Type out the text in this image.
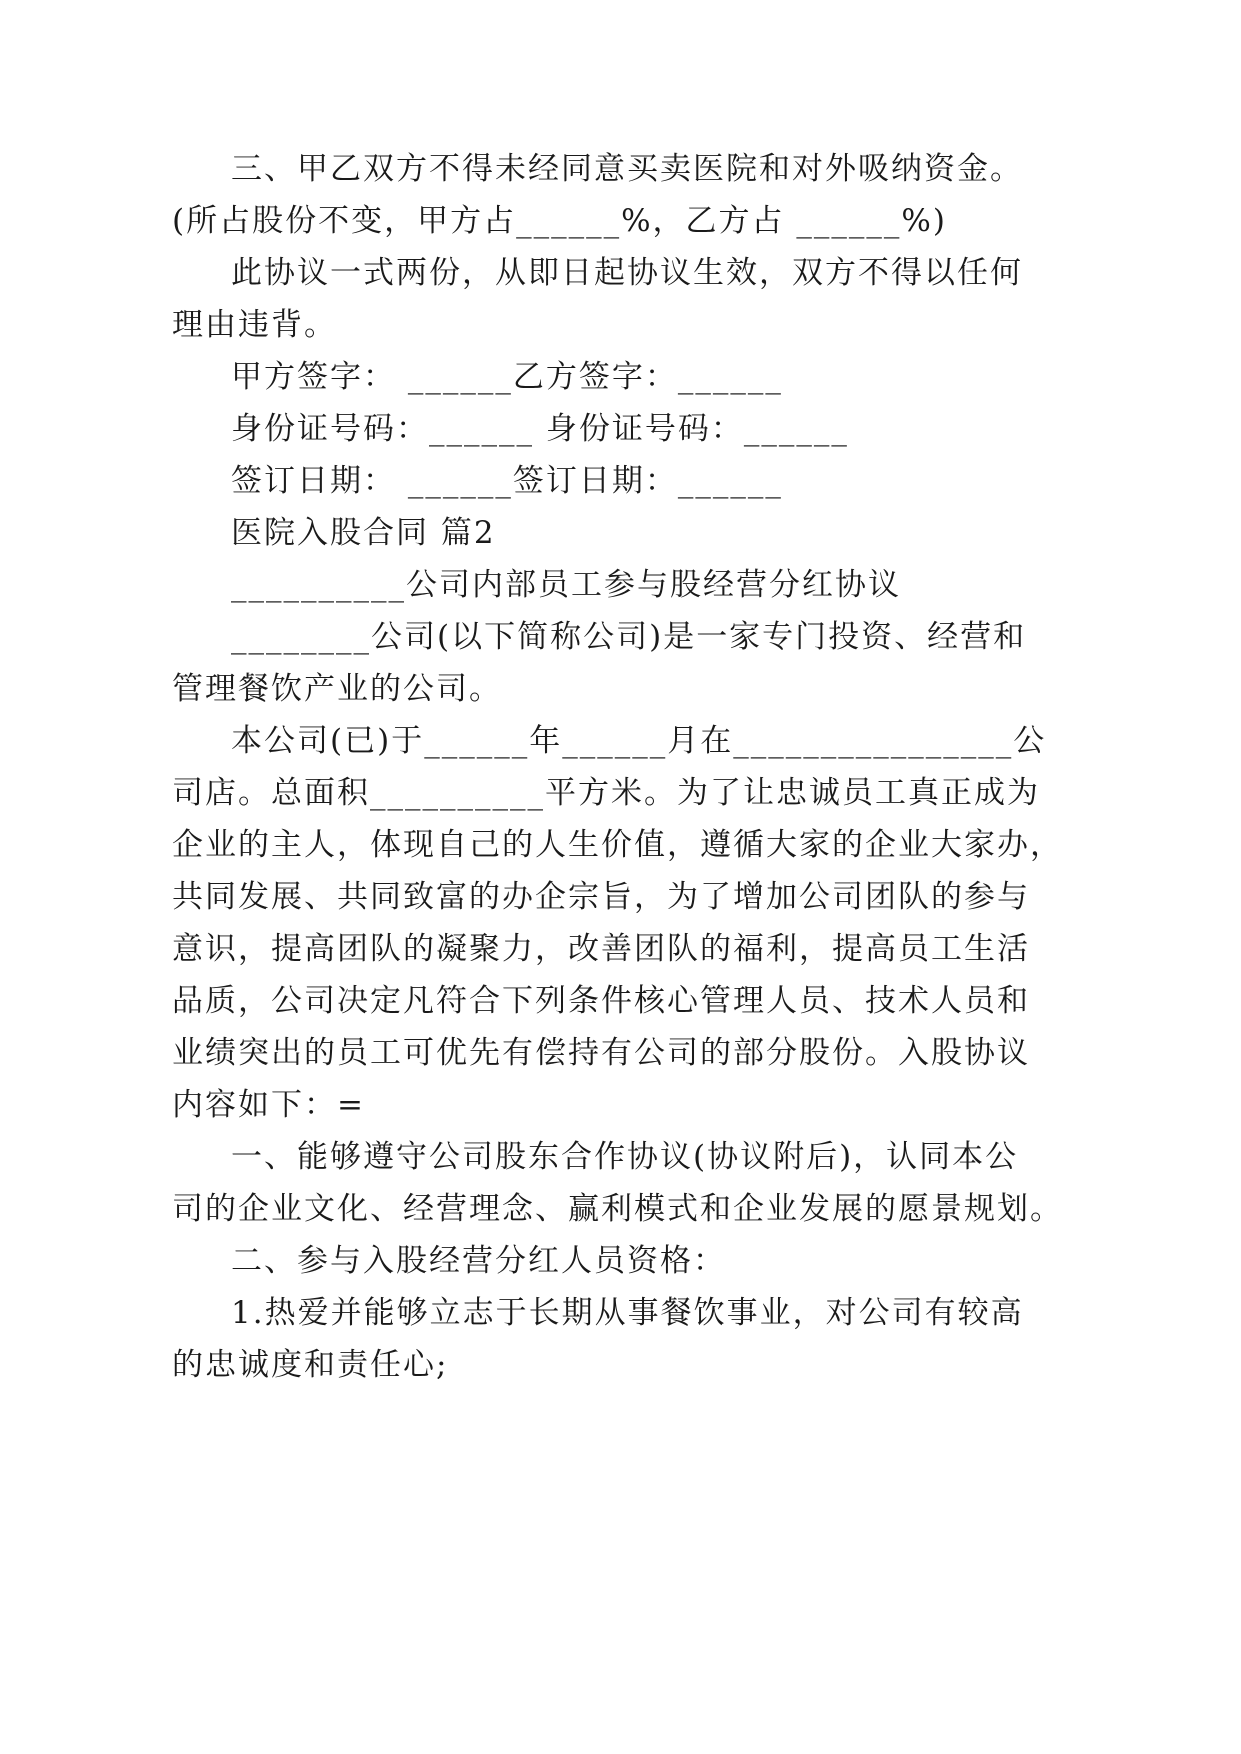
三、甲乙双方不得未经同意买卖医院和对外吸纳资金。
(所占股份不变，甲方占______%，乙方占 ______%)
此协议一式两份，从即日起协议生效，双方不得以任何
理由违背。
甲方签字： ______乙方签字：______
身份证号码：______ 身份证号码：______
签订日期： ______签订日期：______
医院入股合同 篇2
__________公司内部员工参与股经营分红协议
________公司(以下简称公司)是一家专门投资、经营和
管理餐饮产业的公司。
本公司(已)于______年______月在________________公
司店。总面积__________平方米。为了让忠诚员工真正成为
企业的主人，体现自己的人生价值，遵循大家的企业大家办，
共同发展、共同致富的办企宗旨，为了增加公司团队的参与
意识，提高团队的凝聚力，改善团队的福利，提高员工生活
品质，公司决定凡符合下列条件核心管理人员、技术人员和
业绩突出的员工可优先有偿持有公司的部分股份。入股协议
内容如下：=
一、能够遵守公司股东合作协议(协议附后)，认同本公
司的企业文化、经营理念、赢利模式和企业发展的愿景规划。
二、参与入股经营分红人员资格：
1.热爱并能够立志于长期从事餐饮事业，对公司有较高
的忠诚度和责任心;
